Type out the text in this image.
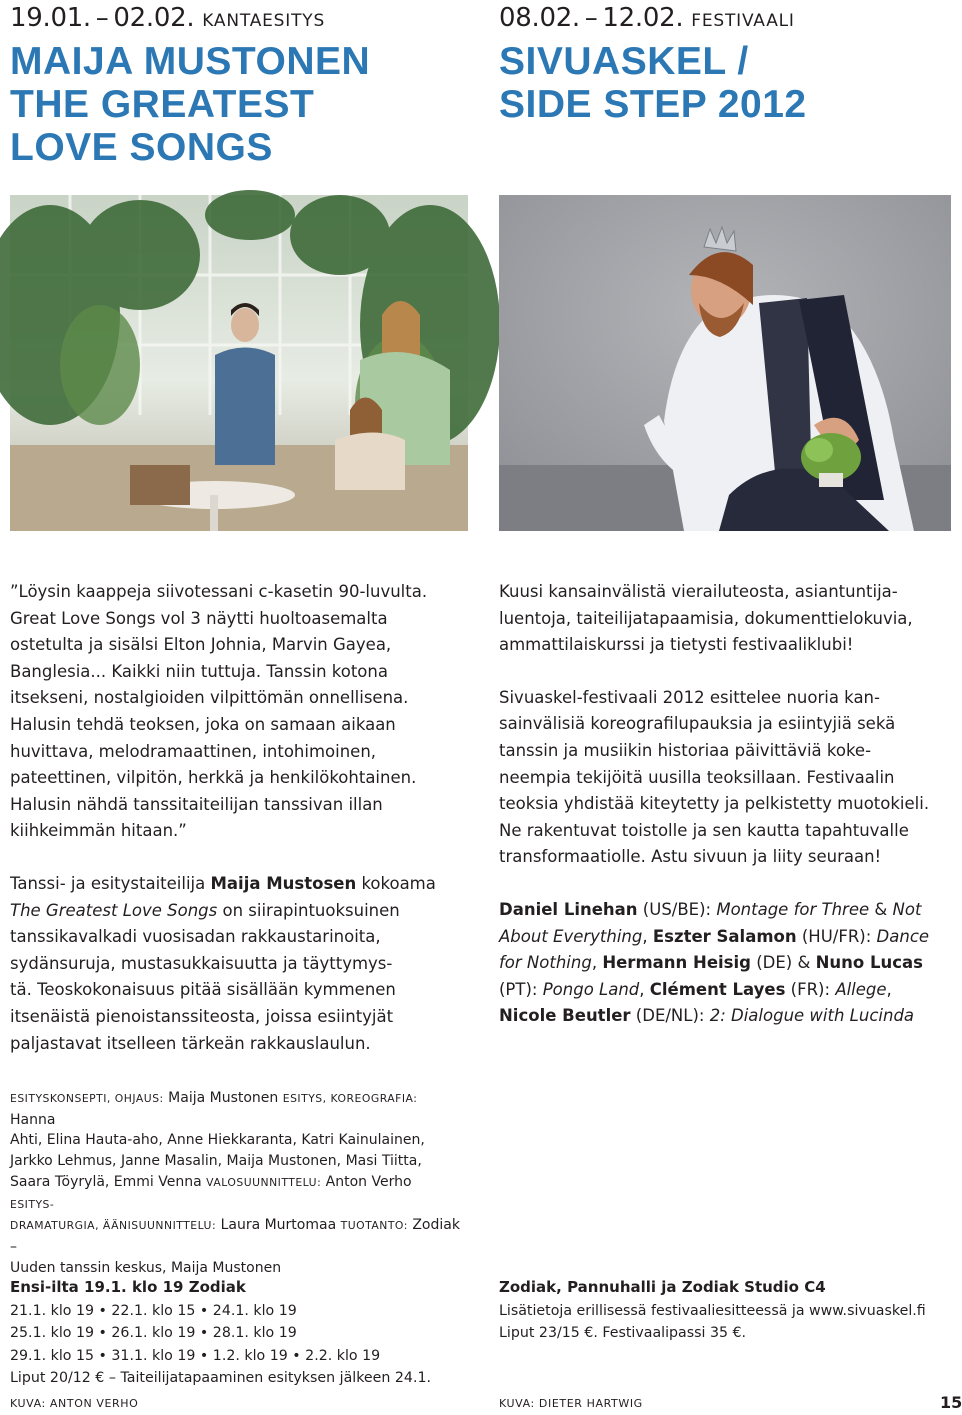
19.01. – 02.02. KANTAESITYS
MAIJA MUSTONEN
THE GREATEST
LOVE SONGS

”Löysin kaappeja siivotessani c-kasetin 90-luvulta.
Great Love Songs vol 3 näytti huoltoasemalta
ostetulta ja sisälsi Elton Johnia, Marvin Gayea,
Banglesia... Kaikki niin tuttuja. Tanssin kotona
itsekseni, nostalgioiden vilpittömän onnellisena.
Halusin tehdä teoksen, joka on samaan aikaan
huvittava, melodramaattinen, intohimoinen,
pateettinen, vilpitön, herkkä ja henkilökohtainen.
Halusin nähdä tanssitaiteilijan tanssivan illan
kiihkeimmän hitaan.”

Tanssi- ja esitystaiteilija Maija Mustosen kokoama
The Greatest Love Songs on siirapintuoksuinen
tanssikavalkadi vuosisadan rakkaustarinoita,
sydänsuruja, mustasukkaisuutta ja täyttymys-
tä. Teoskokonaisuus pitää sisällään kymmenen
itsenäistä pienoistanssiteosta, joissa esiintyjät
paljastavat itselleen tärkeän rakkauslaulun.

ESITYSKONSEPTI, OHJAUS: Maija Mustonen ESITYS, KOREOGRAFIA: Hanna
Ahti, Elina Hauta-aho, Anne Hiekkaranta, Katri Kainulainen,
Jarkko Lehmus, Janne Masalin, Maija Mustonen, Masi Tiitta,
Saara Töyrylä, Emmi Venna VALOSUUNNITTELU: Anton Verho ESITYS-
DRAMATURGIA, ÄÄNISUUNNITTELU: Laura Murtomaa TUOTANTO: Zodiak –
Uuden tanssin keskus, Maija Mustonen
Ensi-ilta 19.1. klo 19 Zodiak
21.1. klo 19 • 22.1. klo 15 • 24.1. klo 19
25.1. klo 19 • 26.1. klo 19 • 28.1. klo 19
29.1. klo 15 • 31.1. klo 19 • 1.2. klo 19 • 2.2. klo 19
Liput 20/12 € – Taiteilijatapaaminen esityksen jälkeen 24.1.
KUVA: ANTON VERHO
08.02. – 12.02. FESTIVAALI
SIVUASKEL /
SIDE STEP 2012

Kuusi kansainvälistä vierailuteosta, asiantuntija-
luentoja, taiteilijatapaamisia, dokumenttielokuvia,
ammattilaiskurssi ja tietysti festivaaliklubi!

Sivuaskel-festivaali 2012 esittelee nuoria kan-
sainvälisiä koreografilupauksia ja esiintyjiä sekä
tanssin ja musiikin historiaa päivittäviä koke-
neempia tekijöitä uusilla teoksillaan. Festivaalin
teoksia yhdistää kiteytetty ja pelkistetty muotokieli.
Ne rakentuvat toistolle ja sen kautta tapahtuvalle
transformaatiolle. Astu sivuun ja liity seuraan!

Daniel Linehan (US/BE): Montage for Three & Not
About Everything, Eszter Salamon (HU/FR): Dance
for Nothing, Hermann Heisig (DE) & Nuno Lucas
(PT): Pongo Land, Clément Layes (FR): Allege,
Nicole Beutler (DE/NL): 2: Dialogue with Lucinda

Zodiak, Pannuhalli ja Zodiak Studio C4
Lisätietoja erillisessä festivaaliesitteessä ja www.sivuaskel.fi
Liput 23/15 €. Festivaalipassi 35 €.
KUVA: DIETER HARTWIG	15
